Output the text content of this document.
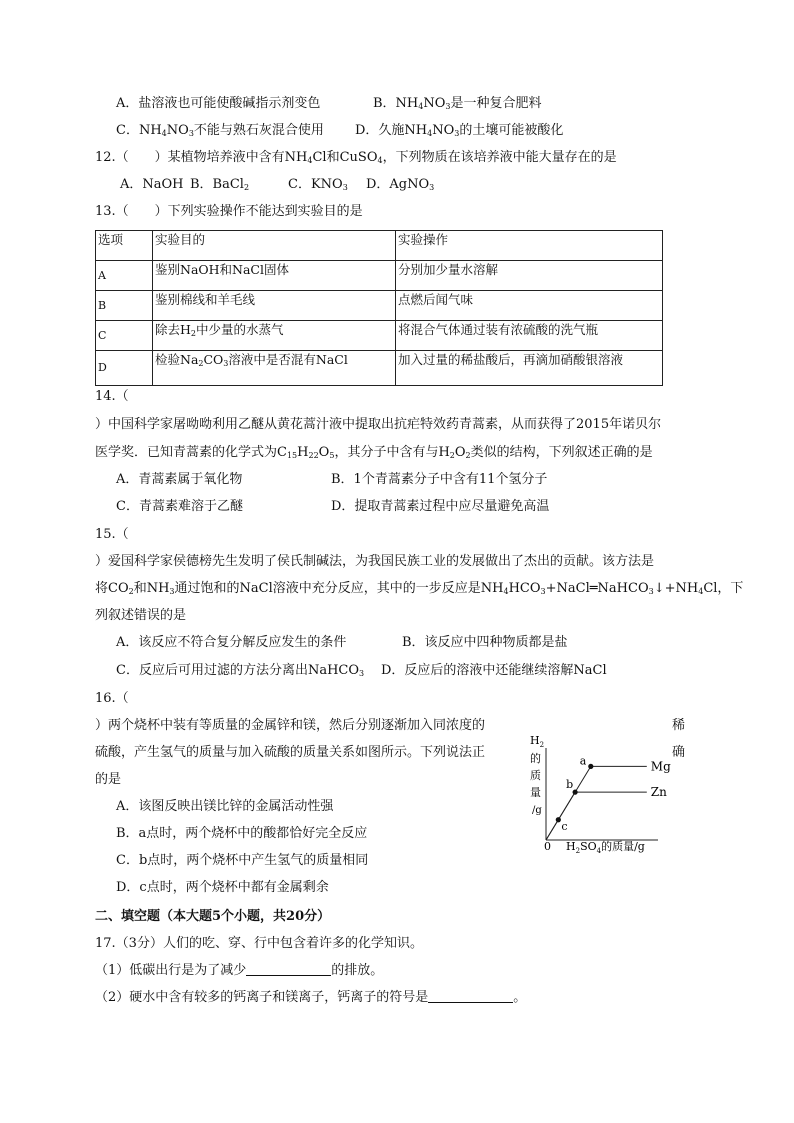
A．盐溶液也可能使酸碱指示剂变色	B．$NH_4NO_3$是一种复合肥料
C．$NH_4NO_3$不能与熟石灰混合使用 D．久施$NH_4NO_3$的土壤可能被酸化
12.（　　）某植物培养液中含有$NH_4Cl$和CuSO$_4$，下列物质在该培养液中能大量存在的是
A．NaOH B．BaCl$_2$	C．$KNO_3$ D．AgNO$_3$
13.（　　）下列实验操作不能达到实验目的是
选项	实验目的	实验操作
A	鉴别NaOH和NaCl固体	分别加少量水溶解
B	鉴别棉线和羊毛线	点燃后闻气味
C	除去$H_2$中少量的水蒸气	将混合气体通过装有浓硫酸的洗气瓶
D	检验$Na_2CO_3$溶液中是否混有NaCl	加入过量的稀盐酸后，再滴加硝酸银溶液
14.（
）中国科学家屠呦呦利用乙醚从黄花蒿汁液中提取出抗疟特效药青蒿素，从而获得了2015年诺贝尔
医学奖．已知青蒿素的化学式为$C_{15}H_{22}O_5$，其分子中含有与$H_2O_2$类似的结构，下列叙述正确的是
A．青蒿素属于氧化物	B．1个青蒿素分子中含有11个氢分子
C．青蒿素难溶于乙醚	D．提取青蒿素过程中应尽量避免高温
15.（
）爱国科学家侯德榜先生发明了侯氏制碱法，为我国民族工业的发展做出了杰出的贡献。该方法是
将$CO_2$和$NH_3$通过饱和的NaCl溶液中充分反应，其中的一步反应是$NH_4HCO_3+NaCl═NaHCO_3↓+NH_4Cl$，下
列叙述错误的是
A．该反应不符合复分解反应发生的条件	B．该反应中四种物质都是盐
C．反应后可用过滤的方法分离出NaHCO$_3$ D．反应后的溶液中还能继续溶解NaCl
16.（
）两个烧杯中装有等质量的金属锌和镁，然后分别逐渐加入同浓度的	稀
硫酸，产生氢气的质量与加入硫酸的质量关系如图所示。下列说法正	确
的是
A．该图反映出镁比锌的金属活动性强
B．a点时，两个烧杯中的酸都恰好完全反应
C．b点时，两个烧杯中产生氢气的质量相同
D．c点时，两个烧杯中都有金属剩余
$H_2$
的
质
量
/g
0 $H_2SO_4$的质量/g
Mg
Zn
a
b
c
二、填空题（本大题5个小题，共20分）
17.（3分）人们的吃、穿、行中包含着许多的化学知识。
（1）低碳出行是为了减少	的排放。
（2）硬水中含有较多的钙离子和镁离子，钙离子的符号是	。
